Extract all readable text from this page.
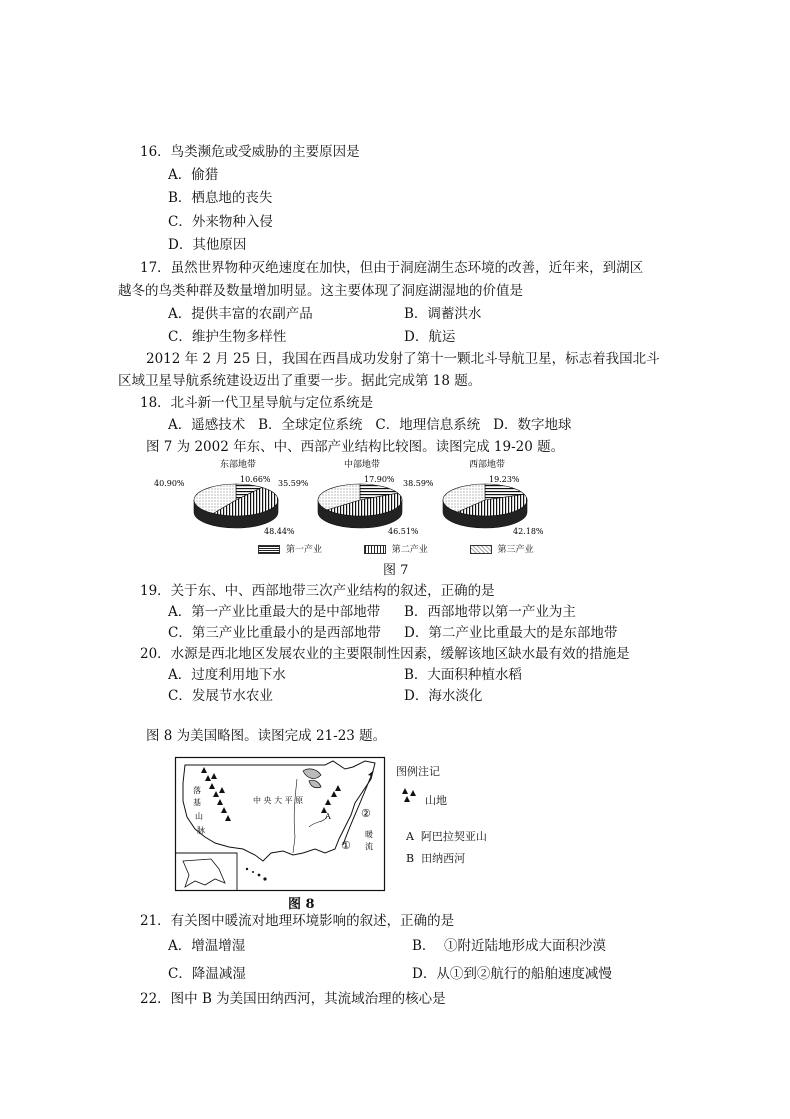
16．鸟类濒危或受威胁的主要原因是
A．偷猎
B．栖息地的丧失
C．外来物种入侵
D．其他原因
17．虽然世界物种灭绝速度在加快，但由于洞庭湖生态环境的改善，近年来，到湖区
越冬的鸟类种群及数量增加明显。这主要体现了洞庭湖湿地的价值是
A．提供丰富的农副产品	B．调蓄洪水
C．维护生物多样性	D．航运
2012 年 2 月 25 日，我国在西昌成功发射了第十一颗北斗导航卫星，标志着我国北斗
区域卫星导航系统建设迈出了重要一步。据此完成第 18 题。
18．北斗新一代卫星导航与定位系统是
A．遥感技术   B．全球定位系统   C．地理信息系统   D．数字地球
图 7 为 2002 年东、中、西部产业结构比较图。读图完成 19-20 题。
东部地带
10.66%
48.44%
40.90%
中部地带
17.90%
46.51%
35.59%
西部地带
19.23%
42.18%
38.59%
第一产业	第二产业	第三产业
图 7
19．关于东、中、西部地带三次产业结构的叙述，正确的是
A．第一产业比重最大的是中部地带 B．西部地带以第一产业为主
C．第三产业比重最小的是西部地带 D．第二产业比重最大的是东部地带
20．水源是西北地区发展农业的主要限制性因素，缓解该地区缺水最有效的措施是
A．过度利用地下水	B．大面积种植水稻
C．发展节水农业	D．海水淡化
图 8 为美国略图。读图完成 21-23 题。
落
基
山
脉
中 央 大 平 原
A
①
②
暖
流
图例注记
山地
A  阿巴拉契亚山
B  田纳西河
图 8
21．有关图中暖流对地理环境影响的叙述，正确的是
A．增温增湿	B．  ①附近陆地形成大面积沙漠
C．降温减湿	D．从①到②航行的船舶速度减慢
22．图中 B 为美国田纳西河，其流域治理的核心是
